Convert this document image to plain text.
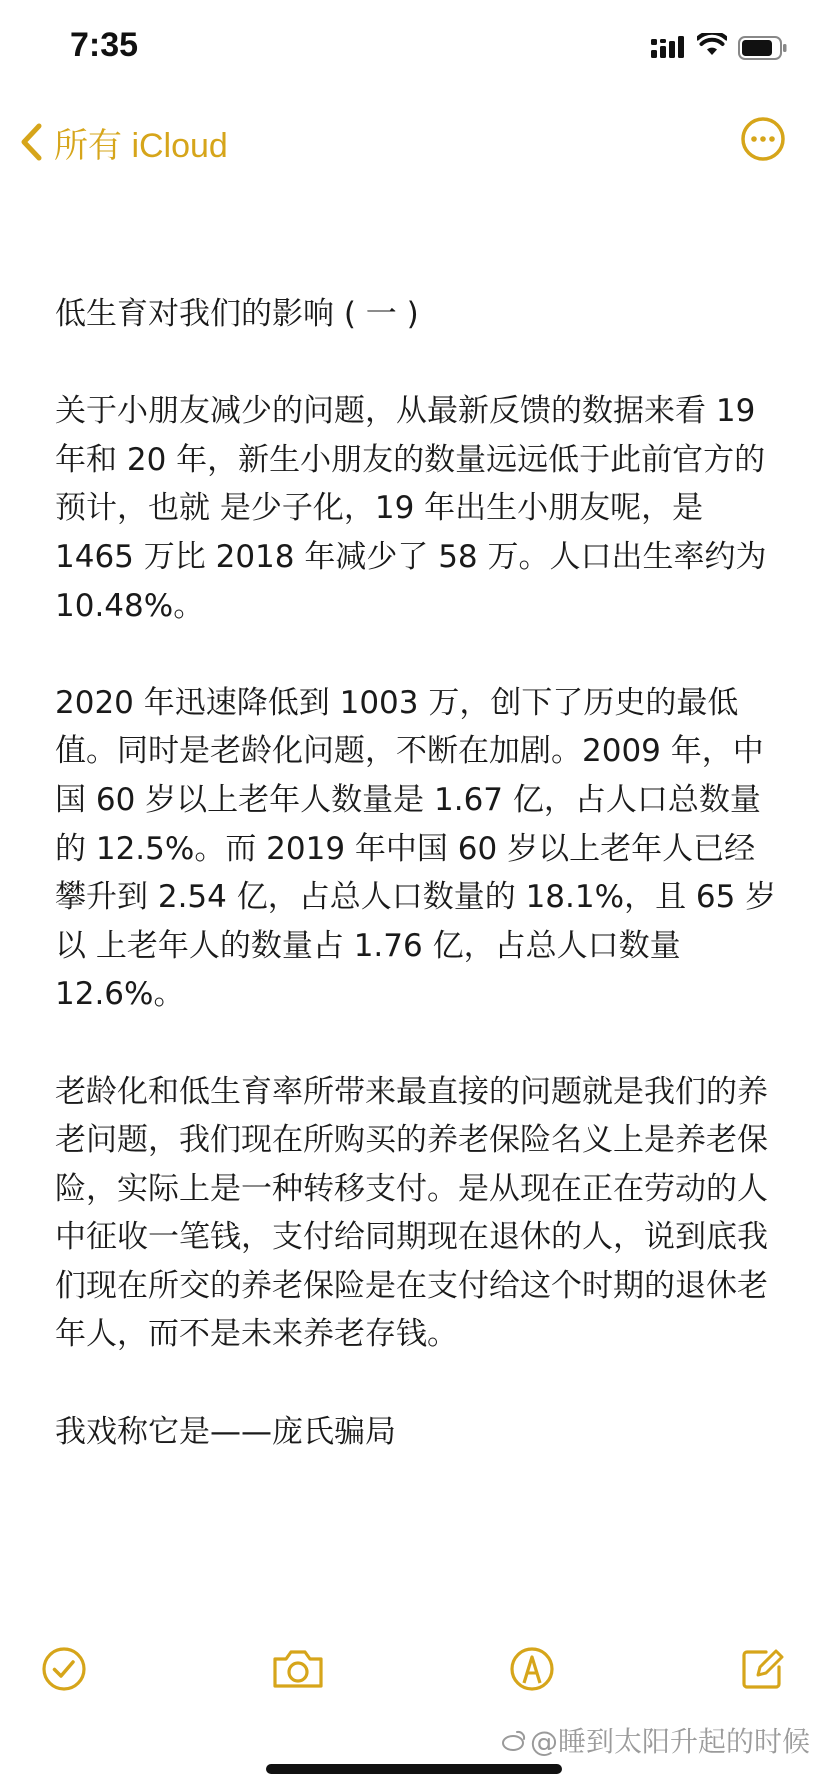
7:35
所有 iCloud
低生育对我们的影响 ( 一 )
关于小朋友减少的问题，从最新反馈的数据来看 19 年和 20 年，新生小朋友的数量远远低于此前官方的预计，也就 是少子化，19 年出生小朋友呢，是 1465 万比 2018 年减少了 58 万。人口出生率约为 10.48%。
2020 年迅速降低到 1003 万，创下了历史的最低值。同时是老龄化问题，不断在加剧。2009 年，中国 60 岁以上老年人数量是 1.67 亿，占人口总数量的 12.5%。而 2019 年中国 60 岁以上老年人已经攀升到 2.54 亿，占总人口数量的 18.1%，且 65 岁以 上老年人的数量占 1.76 亿，占总人口数量 12.6%。
老龄化和低生育率所带来最直接的问题就是我们的养老问题，我们现在所购买的养老保险名义上是养老保险，实际上是一种转移支付。是从现在正在劳动的人中征收一笔钱，支付给同期现在退休的人，说到底我们现在所交的养老保险是在支付给这个时期的退休老年人，而不是未来养老存钱。
我戏称它是——庞氏骗局
@睡到太阳升起的时候
